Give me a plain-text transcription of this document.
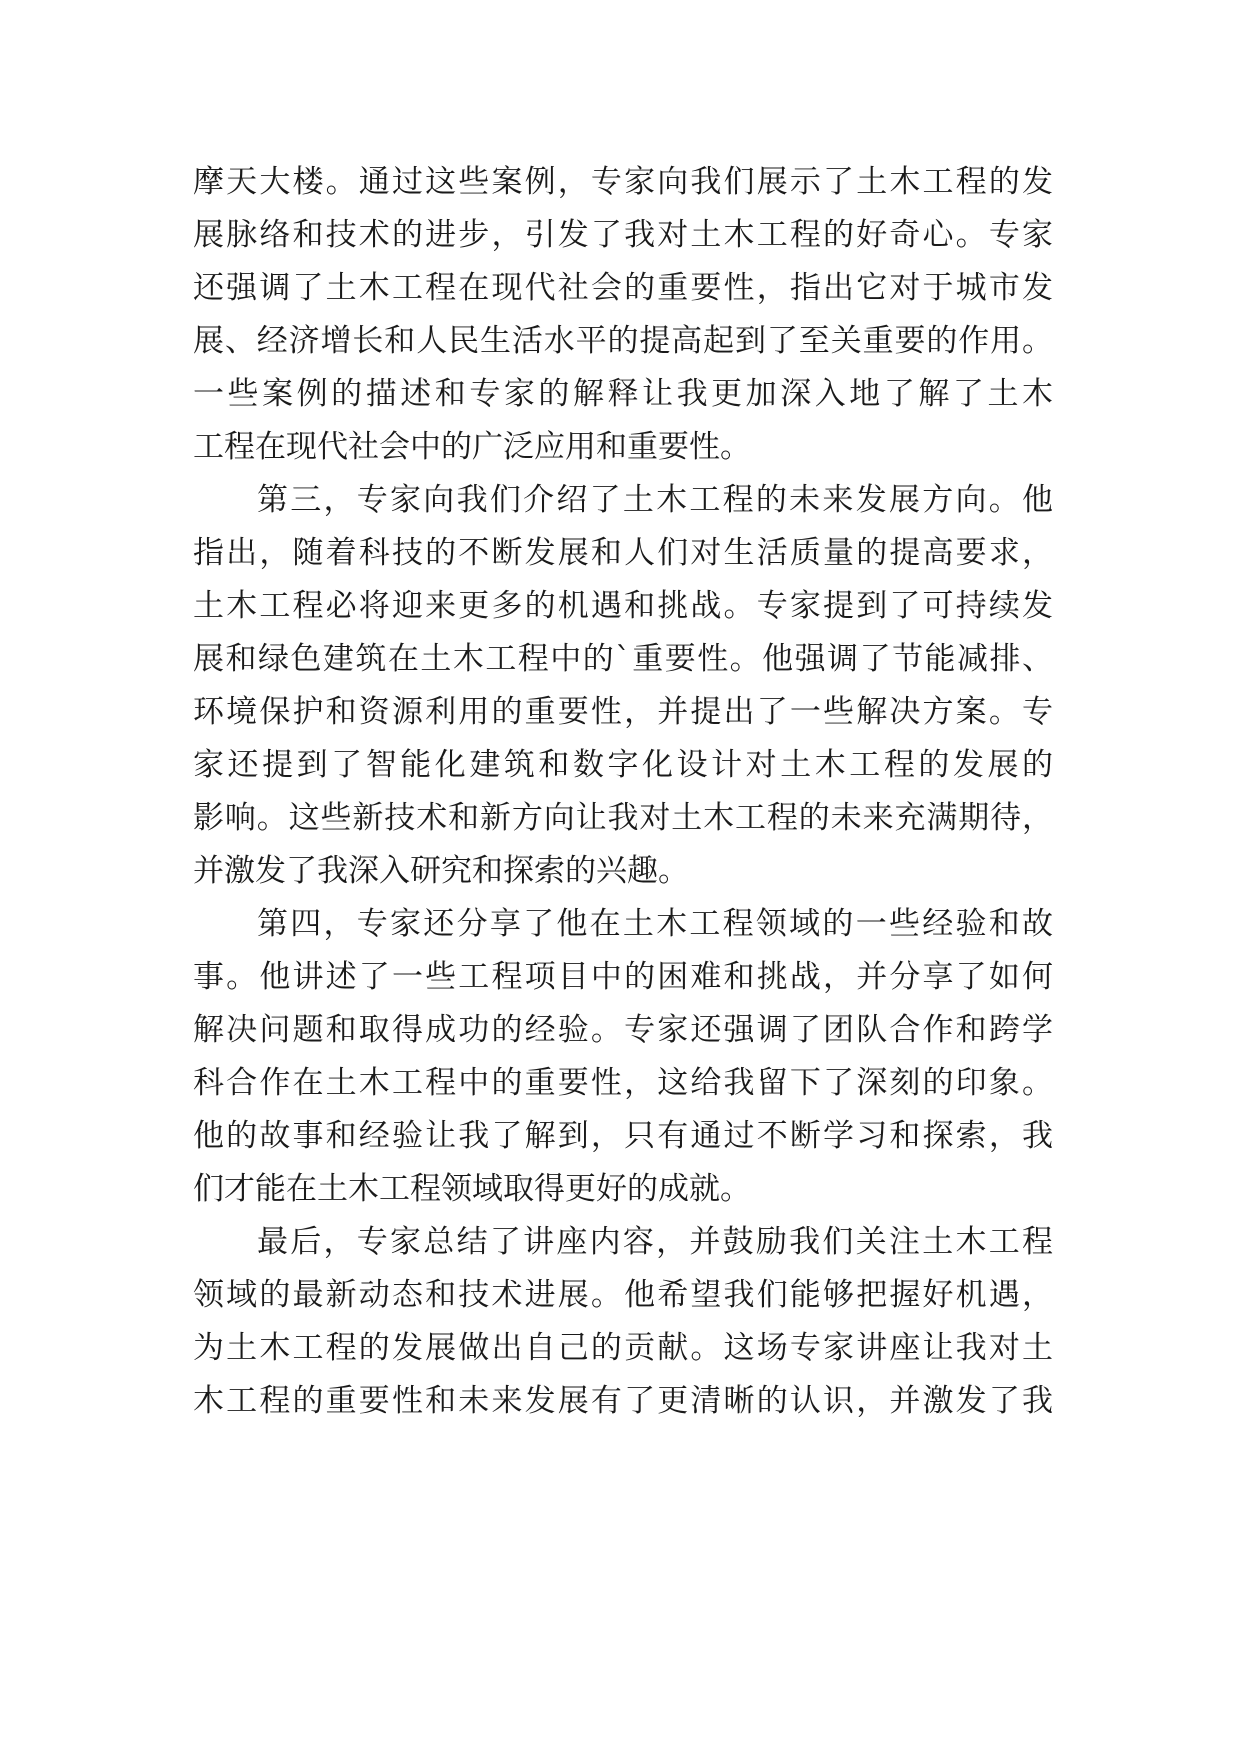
摩天大楼。通过这些案例，专家向我们展示了土木工程的发
展脉络和技术的进步，引发了我对土木工程的好奇心。专家
还强调了土木工程在现代社会的重要性，指出它对于城市发
展、经济增长和人民生活水平的提高起到了至关重要的作用。
一些案例的描述和专家的解释让我更加深入地了解了土木
工程在现代社会中的广泛应用和重要性。
第三，专家向我们介绍了土木工程的未来发展方向。他
指出，随着科技的不断发展和人们对生活质量的提高要求，
土木工程必将迎来更多的机遇和挑战。专家提到了可持续发
展和绿色建筑在土木工程中的`重要性。他强调了节能减排、
环境保护和资源利用的重要性，并提出了一些解决方案。专
家还提到了智能化建筑和数字化设计对土木工程的发展的
影响。这些新技术和新方向让我对土木工程的未来充满期待，
并激发了我深入研究和探索的兴趣。
第四，专家还分享了他在土木工程领域的一些经验和故
事。他讲述了一些工程项目中的困难和挑战，并分享了如何
解决问题和取得成功的经验。专家还强调了团队合作和跨学
科合作在土木工程中的重要性，这给我留下了深刻的印象。
他的故事和经验让我了解到，只有通过不断学习和探索，我
们才能在土木工程领域取得更好的成就。
最后，专家总结了讲座内容，并鼓励我们关注土木工程
领域的最新动态和技术进展。他希望我们能够把握好机遇，
为土木工程的发展做出自己的贡献。这场专家讲座让我对土
木工程的重要性和未来发展有了更清晰的认识，并激发了我
